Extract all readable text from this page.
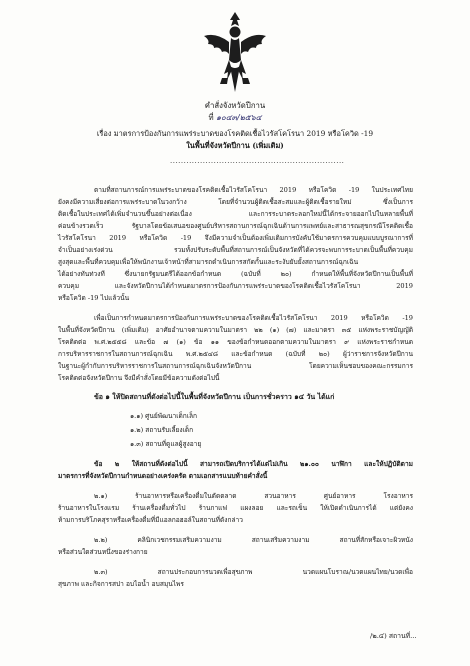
คำสั่งจังหวัดปีกาน
ที่ ๑๐๔๓/๒๕๖๔
เรื่อง มาตรการป้องกันการแพร่ระบาดของโรคติดเชื้อไวรัสโคโรนา 2019 หรือโควิด -19
ในพื้นที่จังหวัดปีกาน (เพิ่มเติม)
................................................................

ตามที่สถานการณ์การแพร่ระบาดของโรคติดเชื้อไวรัสโคโรนา 2019 หรือโควิด -19 ในประเทศไทย

ยังคงมีความเสี่ยงต่อการแพร่ระบาดในวงกว้าง โดยที่จำนวนผู้ติดเชื้อสะสมและผู้ติดเชื้อรายใหม่ ซึ่งเป็นการ

ติดเชื้อในประเทศได้เพิ่มจำนวนขึ้นอย่างต่อเนื่อง และการระบาดระลอกใหม่นี้ได้กระจายออกไปในหลายพื้นที่

ค่อนข้างรวดเร็ว รัฐบาลโดยข้อเสนอของศูนย์บริหารสถานการณ์ฉุกเฉินด้านการแพทย์และสาธารณสุขกรณีโรคติดเชื้อ

ไวรัสโคโรนา 2019 หรือโควิด -19 จึงมีความจำเป็นต้องเพิ่มเติมการบังคับใช้มาตรการควบคุมแบบบูรณาการที่

จำเป็นอย่างเร่งด่วน รวมทั้งปรับระดับพื้นที่สถานการณ์เป็นจังหวัดที่ได้ควรจะพบการระบาดเป็นพื้นที่ควบคุม

สูงสุดและพื้นที่ควบคุมเพื่อให้พนักงานเจ้าหน้าที่สามารถดำเนินการสกัดกั้นและระงับยับยั้งสถานการณ์ฉุกเฉิน

ได้อย่างทันท่วงที ซึ่งนายกรัฐมนตรีได้ออกข้อกำหนด (ฉบับที่ ๒๐) กำหนดให้พื้นที่จังหวัดปีกานเป็นพื้นที่

ควบคุม และจังหวัดปีกานได้กำหนดมาตรการป้องกันการแพร่ระบาดของโรคติดเชื้อไวรัสโคโรนา 2019

หรือโควิด -19 ไปแล้วนั้น

เพื่อเป็นการกำหนดมาตรการป้องกันการแพร่ระบาดของโรคติดเชื้อไวรัสโคโรนา 2019 หรือโควิด -19

ในพื้นที่จังหวัดปีกาน (เพิ่มเติม) อาศัยอำนาจตามความในมาตรา ๒๒ (๑) (๗) และมาตรา ๓๕ แห่งพระราชบัญญัติ

โรคติดต่อ พ.ศ.๒๕๕๘ และข้อ ๗ (๑) ข้อ ๑๑ ของข้อกำหนดออกตามความในมาตรา ๙ แห่งพระราชกำหนด

การบริหารราชการในสถานการณ์ฉุกเฉิน พ.ศ.๒๕๔๘ และข้อกำหนด (ฉบับที่ ๒๐) ผู้ว่าราชการจังหวัดปีกาน

ในฐานะผู้กำกับการบริหารราชการในสถานการณ์ฉุกเฉินจังหวัดปีกาน โดยความเห็นชอบของคณะกรรมการ

โรคติดต่อจังหวัดปีกาน จึงมีคำสั่งโดยมีข้อความดังต่อไปนี้

ข้อ ๑ ให้ปิดสถานที่ดังต่อไปนี้ในพื้นที่จังหวัดปีกาน เป็นการชั่วคราว ๑๔ วัน ได้แก่
๑.๑) ศูนย์พัฒนาเด็กเล็ก
๑.๒) สถานรับเลี้ยงเด็ก
๑.๓) สถานที่ดูแลผู้สูงอายุ

ข้อ ๒ ให้สถานที่ดังต่อไปนี้ สามารถเปิดบริการได้แต่ไม่เกิน ๒๑.๐๐ นาฬิกา และให้ปฏิบัติตาม

มาตรการที่จังหวัดปีกานกำหนดอย่างเคร่งครัด ตามเอกสารแนบท้ายคำสั่งนี้

๒.๑) ร้านอาหารหรือเครื่องดื่มในตัดตลาด สวนอาหาร ศูนย์อาหาร โรงอาหาร

ร้านอาหารในโรงแรม ร้านเครื่องดื่มทั่วไป ร้านกาแฟ แผงลอย และรถเข็น ให้เปิดดำเนินการได้ แต่ยังคง

ห้ามการบริโภคสุราหรือเครื่องดื่มที่มีแอลกอฮอล์ในสถานที่ดังกล่าว

๒.๒) คลินิกเวชกรรมเสริมความงาม สถานเสริมความงาม สถานที่สักหรือเจาะผิวหนัง

หรือส่วนใดส่วนหนึ่งของร่างกาย

๒.๓) สถานประกอบการนวดเพื่อสุขภาพ นวดแผนโบราณ/นวดแผนไทย/นวดเพื่อ

สุขภาพ และกิจการสปา อบไอน้ำ อบสมุนไพร

/๒.๔) สถานที่...
